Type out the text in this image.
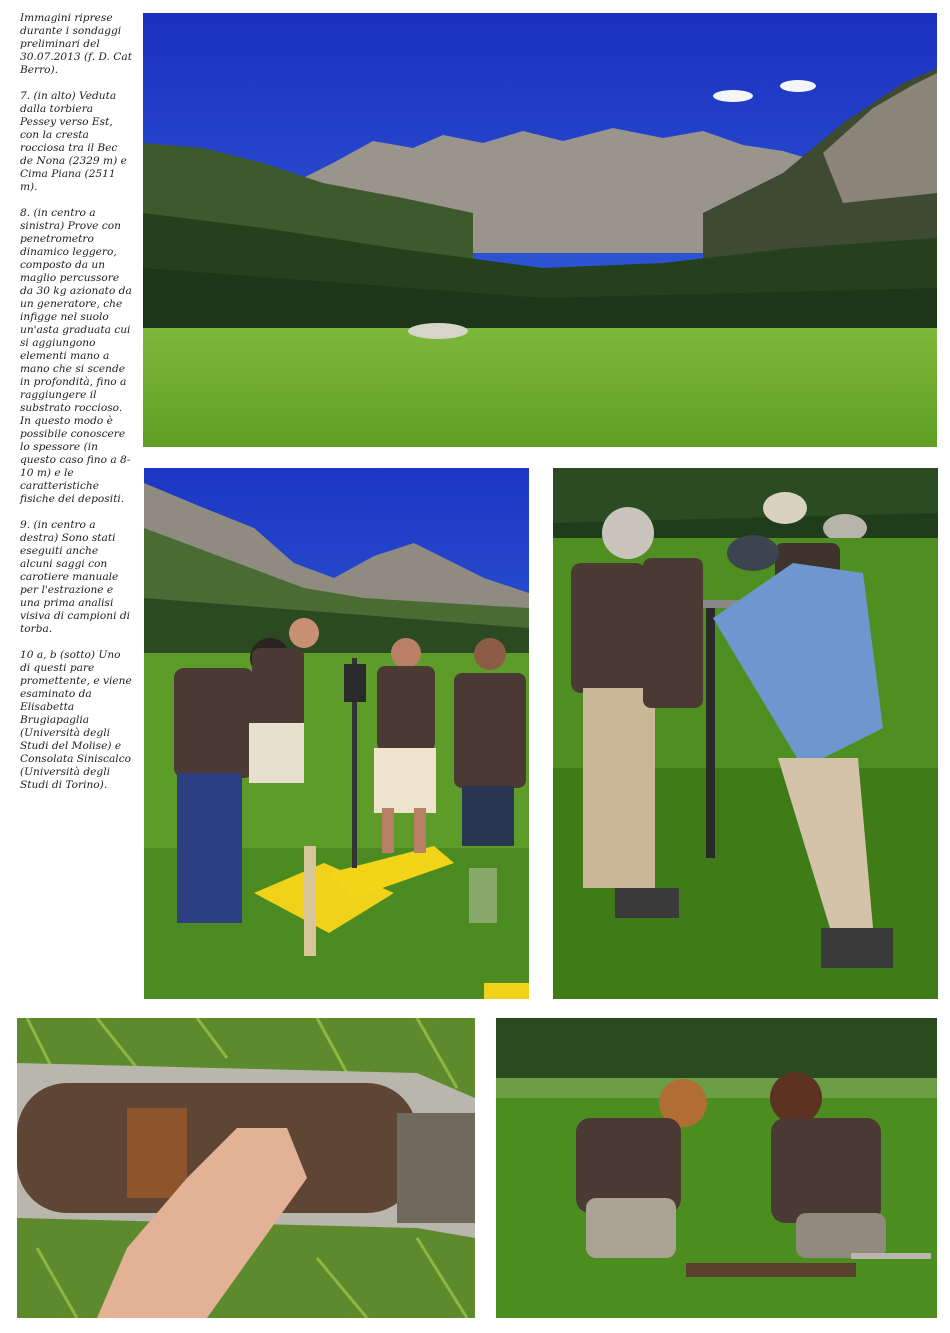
Immagini riprese durante i sondaggi preliminari del 30.07.2013 (f. D. Cat Berro).

7. (in alto) Veduta dalla torbiera Pessey verso Est, con la cresta rocciosa tra il Bec de Nona (2329 m) e Cima Piana (2511 m).

8. (in centro a sinistra) Prove con penetrometro dinamico leggero, composto da un maglio percussore da 30 kg azionato da un generatore, che infigge nel suolo un'asta graduata cui si aggiungono elementi mano a mano che si scende in profondità, fino a raggiungere il substrato roccioso. In questo modo è possibile conoscere lo spessore (in questo caso fino a 8-10 m) e le caratteristiche fisiche dei depositi.

9. (in centro a destra) Sono stati eseguiti anche alcuni saggi con carotiere manuale per l'estrazione e una prima analisi visiva di campioni di torba.

10 a, b (sotto) Uno di questi pare promettente, e viene esaminato da Elisabetta Brugiapaglia (Università degli Studi del Molise) e Consolata Siniscalco (Università degli Studi di Torino).
